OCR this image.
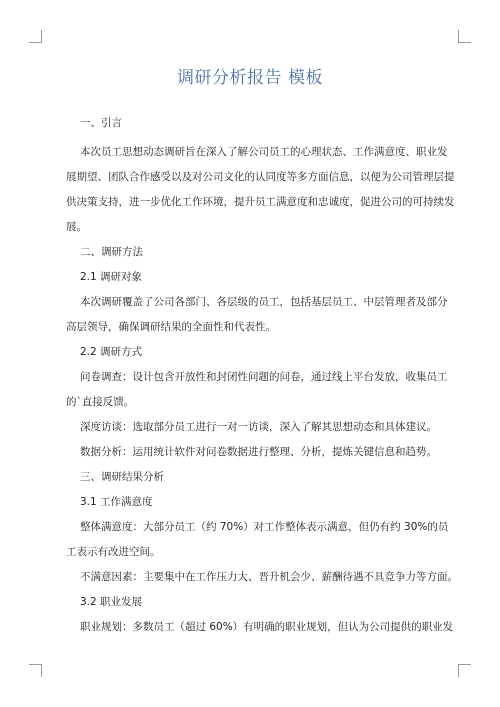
调研分析报告 模板
一、引言
本次员工思想动态调研旨在深入了解公司员工的心理状态、工作满意度、职业发
展期望、团队合作感受以及对公司文化的认同度等多方面信息，以便为公司管理层提
供决策支持，进一步优化工作环境，提升员工满意度和忠诚度，促进公司的可持续发
展。
二、调研方法
2.1 调研对象
本次调研覆盖了公司各部门、各层级的员工，包括基层员工、中层管理者及部分
高层领导，确保调研结果的全面性和代表性。
2.2 调研方式
问卷调查：设计包含开放性和封闭性问题的问卷，通过线上平台发放，收集员工
的`直接反馈。
深度访谈：选取部分员工进行一对一访谈，深入了解其思想动态和具体建议。
数据分析：运用统计软件对问卷数据进行整理、分析，提炼关键信息和趋势。
三、调研结果分析
3.1 工作满意度
整体满意度：大部分员工（约 70%）对工作整体表示满意，但仍有约 30%的员
工表示有改进空间。
不满意因素：主要集中在工作压力大、晋升机会少、薪酬待遇不具竞争力等方面。
3.2 职业发展
职业规划：多数员工（超过 60%）有明确的职业规划，但认为公司提供的职业发
